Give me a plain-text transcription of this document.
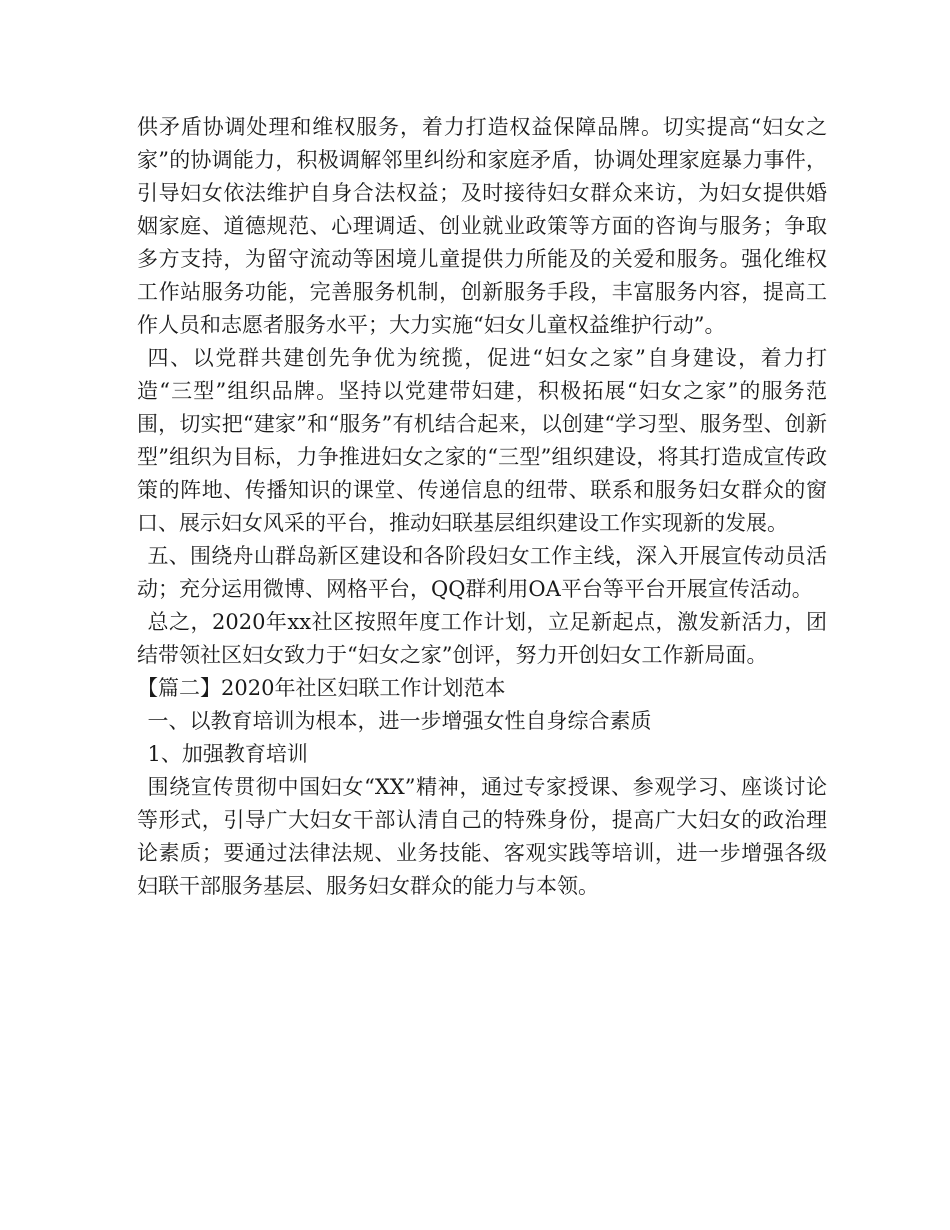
供矛盾协调处理和维权服务，着力打造权益保障品牌。切实提高“妇女之家”的协调能力，积极调解邻里纠纷和家庭矛盾，协调处理家庭暴力事件，引导妇女依法维护自身合法权益；及时接待妇女群众来访，为妇女提供婚姻家庭、道德规范、心理调适、创业就业政策等方面的咨询与服务；争取多方支持，为留守流动等困境儿童提供力所能及的关爱和服务。强化维权工作站服务功能，完善服务机制，创新服务手段，丰富服务内容，提高工作人员和志愿者服务水平；大力实施“妇女儿童权益维护行动”。

四、以党群共建创先争优为统揽，促进“妇女之家”自身建设，着力打造“三型”组织品牌。坚持以党建带妇建，积极拓展“妇女之家”的服务范围，切实把“建家”和“服务”有机结合起来，以创建“学习型、服务型、创新型”组织为目标，力争推进妇女之家的“三型”组织建设，将其打造成宣传政策的阵地、传播知识的课堂、传递信息的纽带、联系和服务妇女群众的窗口、展示妇女风采的平台，推动妇联基层组织建设工作实现新的发展。

五、围绕舟山群岛新区建设和各阶段妇女工作主线，深入开展宣传动员活动；充分运用微博、网格平台，QQ群利用OA平台等平台开展宣传活动。

总之，2020年xx社区按照年度工作计划，立足新起点，激发新活力，团结带领社区妇女致力于“妇女之家”创评，努力开创妇女工作新局面。

【篇二】2020年社区妇联工作计划范本

一、以教育培训为根本，进一步增强女性自身综合素质

1、加强教育培训

围绕宣传贯彻中国妇女“XX”精神，通过专家授课、参观学习、座谈讨论等形式，引导广大妇女干部认清自己的特殊身份，提高广大妇女的政治理论素质；要通过法律法规、业务技能、客观实践等培训，进一步增强各级妇联干部服务基层、服务妇女群众的能力与本领。
